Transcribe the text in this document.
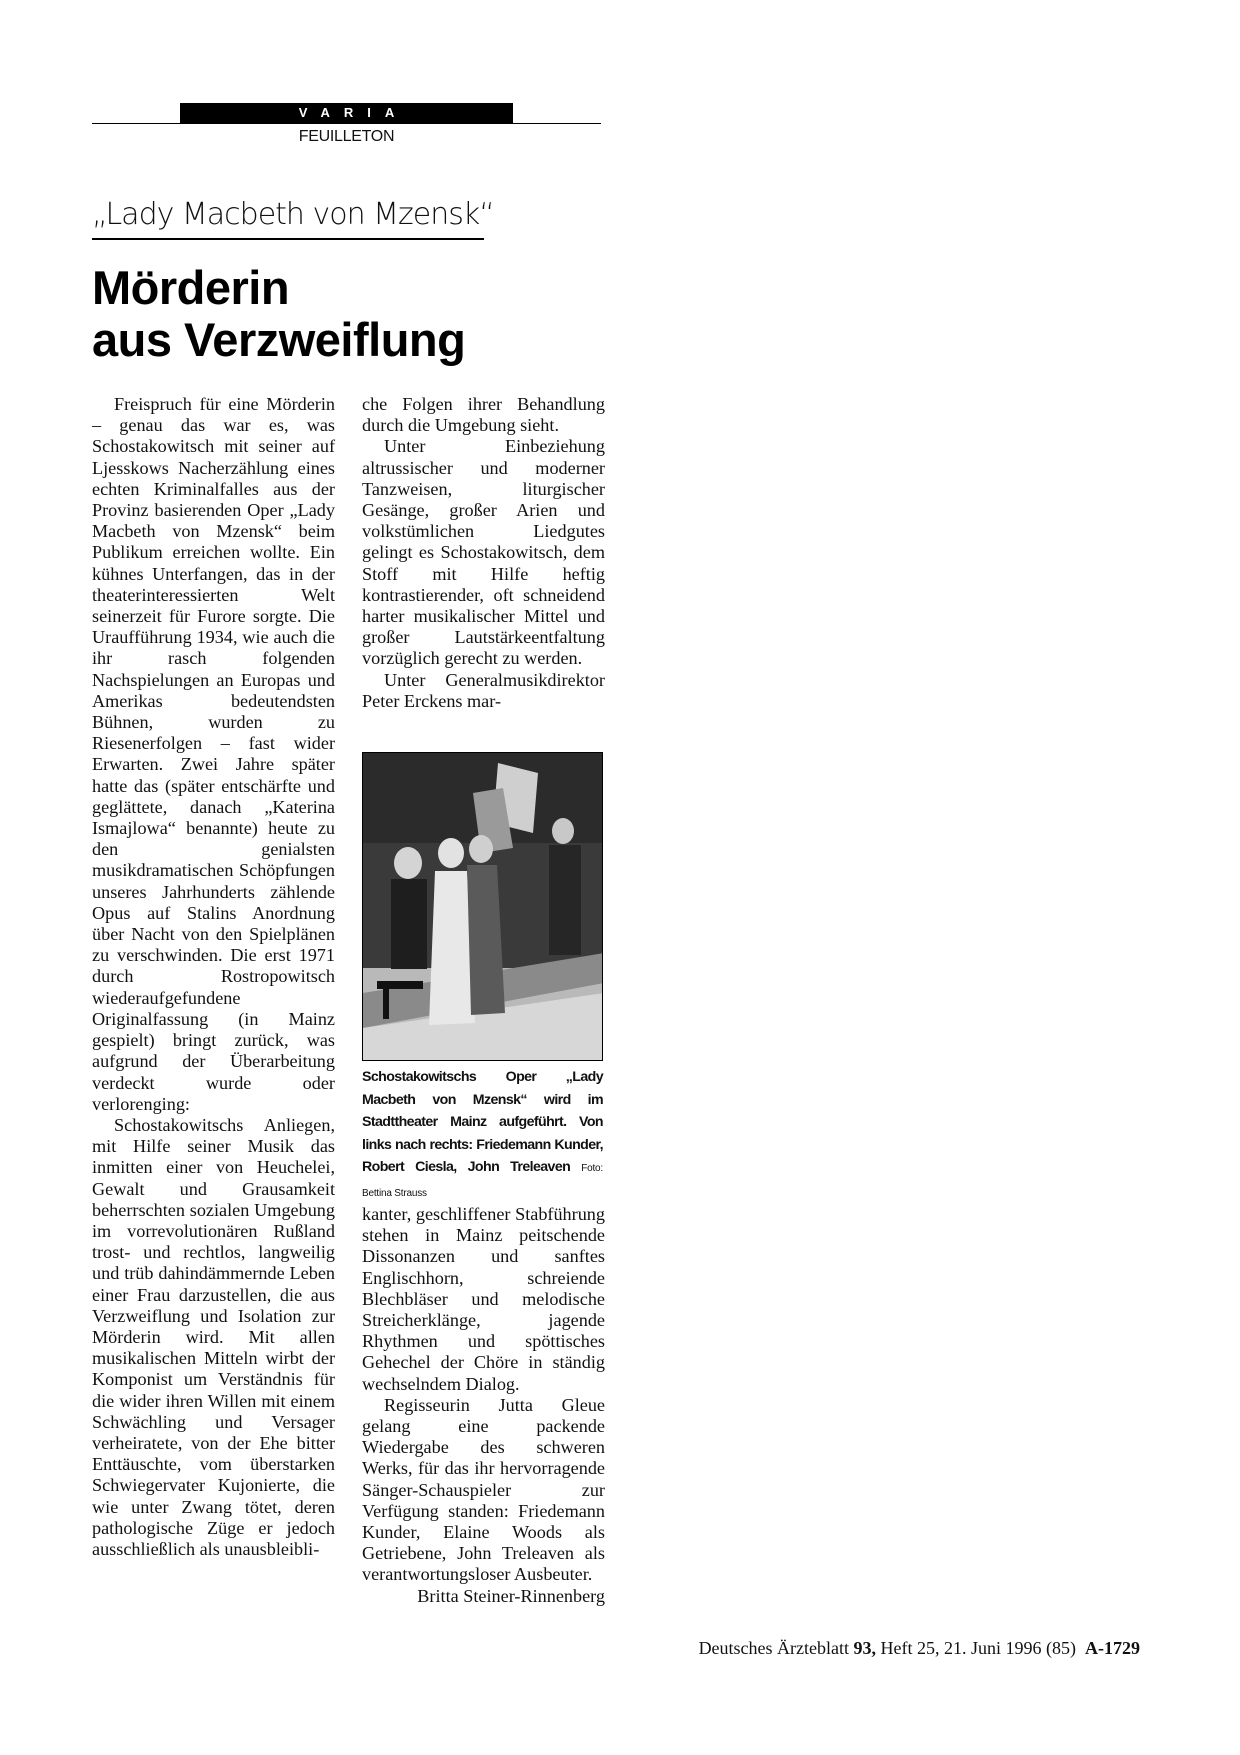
VARIA
FEUILLETON
„Lady Macbeth von Mzensk“
Mörderin
aus Verzweiflung

Freispruch für eine Mörderin – genau das war es, was Schostakowitsch mit seiner auf Ljesskows Nacherzählung eines echten Kriminalfalles aus der Provinz basierenden Oper „Lady Macbeth von Mzensk“ beim Publikum erreichen wollte. Ein kühnes Unterfangen, das in der theaterinteressierten Welt seinerzeit für Furore sorgte. Die Uraufführung 1934, wie auch die ihr rasch folgenden Nachspielungen an Europas und Amerikas bedeutendsten Bühnen, wurden zu Riesenerfolgen – fast wider Erwarten. Zwei Jahre später hatte das (später entschärfte und geglättete, danach „Katerina Ismajlowa“ benannte) heute zu den genialsten musikdramatischen Schöpfungen unseres Jahrhunderts zählende Opus auf Stalins Anordnung über Nacht von den Spielplänen zu verschwinden. Die erst 1971 durch Rostropowitsch wiederaufgefundene Originalfassung (in Mainz gespielt) bringt zurück, was aufgrund der Überarbeitung verdeckt wurde oder verlorenging:

Schostakowitschs Anliegen, mit Hilfe seiner Musik das inmitten einer von Heuchelei, Gewalt und Grausamkeit beherrschten sozialen Umgebung im vorrevolutionären Rußland trost- und rechtlos, langweilig und trüb dahindämmernde Leben einer Frau darzustellen, die aus Verzweiflung und Isolation zur Mörderin wird. Mit allen musikalischen Mitteln wirbt der Komponist um Verständnis für die wider ihren Willen mit einem Schwächling und Versager verheiratete, von der Ehe bitter Enttäuschte, vom überstarken Schwiegervater Kujonierte, die wie unter Zwang tötet, deren pathologische Züge er jedoch ausschließlich als unausbleibli-

che Folgen ihrer Behandlung durch die Umgebung sieht.

Unter Einbeziehung altrussischer und moderner Tanzweisen, liturgischer Gesänge, großer Arien und volkstümlichen Liedgutes gelingt es Schostakowitsch, dem Stoff mit Hilfe heftig kontrastierender, oft schneidend harter musikalischer Mittel und großer Lautstärkeentfaltung vorzüglich gerecht zu werden.

Unter Generalmusikdirektor Peter Erckens mar-

Schostakowitschs Oper „Lady Macbeth von Mzensk“ wird im Stadttheater Mainz aufgeführt. Von links nach rechts: Friedemann Kunder, Robert Ciesla, John Treleaven Foto: Bettina Strauss

kanter, geschliffener Stabführung stehen in Mainz peitschende Dissonanzen und sanftes Englischhorn, schreiende Blechbläser und melodische Streicherklänge, jagende Rhythmen und spöttisches Gehechel der Chöre in ständig wechselndem Dialog.

Regisseurin Jutta Gleue gelang eine packende Wiedergabe des schweren Werks, für das ihr hervorragende Sänger-Schauspieler zur Verfügung standen: Friedemann Kunder, Elaine Woods als Getriebene, John Treleaven als verantwortungsloser Ausbeuter.

Britta Steiner-Rinnenberg

Deutsches Ärzteblatt 93, Heft 25, 21. Juni 1996 (85) A-1729
